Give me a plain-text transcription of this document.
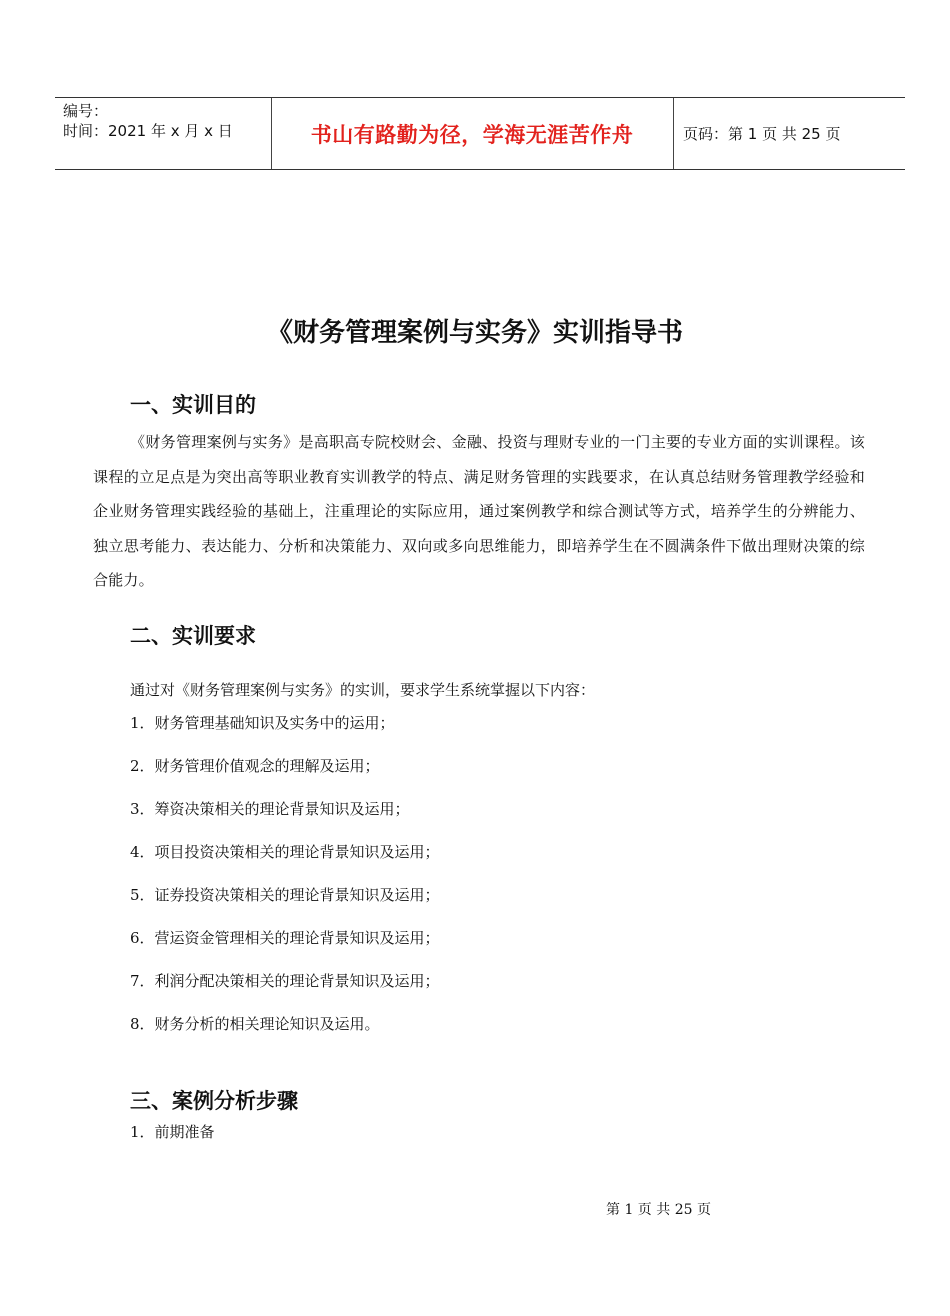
编号：
时间：2021 年 x 月 x 日	书山有路勤为径，学海无涯苦作舟	页码：第 1 页 共 25 页
《财务管理案例与实务》实训指导书
一、实训目的

《财务管理案例与实务》是高职高专院校财会、金融、投资与理财专业的一门主要的专业方面的实训课程。该课程的立足点是为突出高等职业教育实训教学的特点、满足财务管理的实践要求，在认真总结财务管理教学经验和企业财务管理实践经验的基础上，注重理论的实际应用，通过案例教学和综合测试等方式，培养学生的分辨能力、独立思考能力、表达能力、分析和决策能力、双向或多向思维能力，即培养学生在不圆满条件下做出理财决策的综合能力。

二、实训要求
通过对《财务管理案例与实务》的实训，要求学生系统掌握以下内容：
1．财务管理基础知识及实务中的运用；
2．财务管理价值观念的理解及运用；
3．筹资决策相关的理论背景知识及运用；
4．项目投资决策相关的理论背景知识及运用；
5．证券投资决策相关的理论背景知识及运用；
6．营运资金管理相关的理论背景知识及运用；
7．利润分配决策相关的理论背景知识及运用；
8．财务分析的相关理论知识及运用。
三、案例分析步骤
1．前期准备
第 1 页 共 25 页
